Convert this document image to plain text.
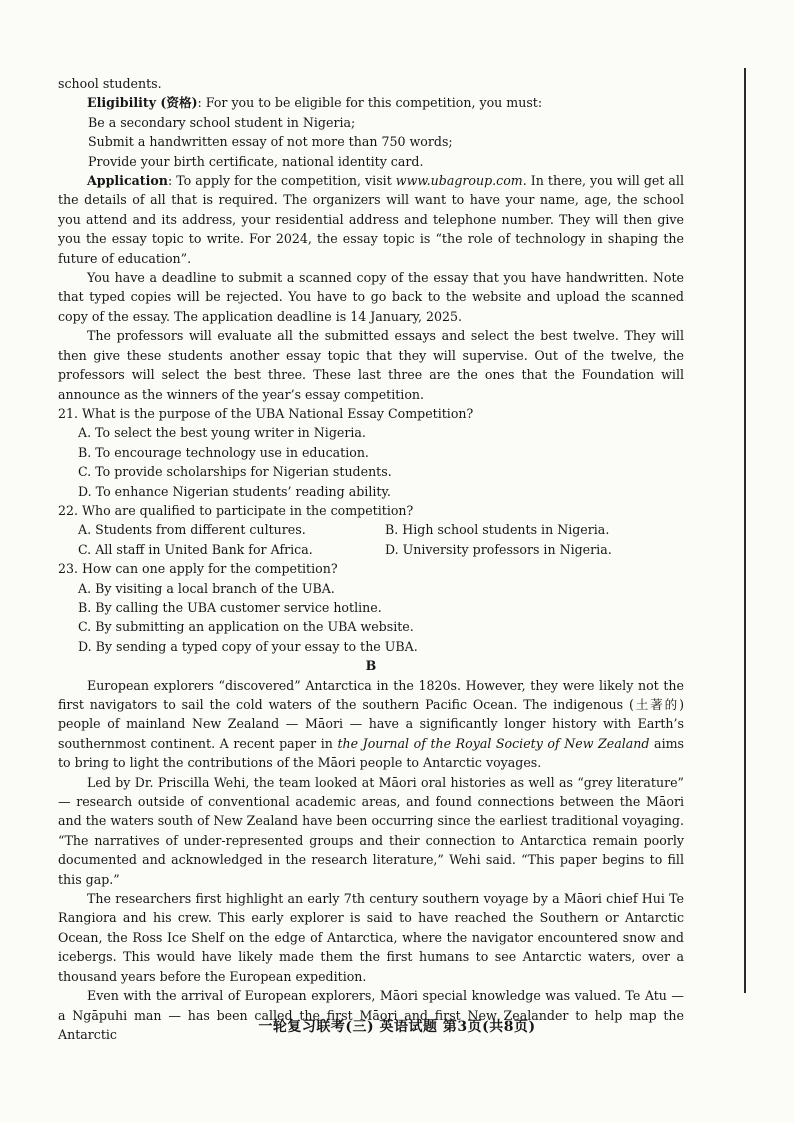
school students.

Eligibility (资格): For you to be eligible for this competition, you must:

Be a secondary school student in Nigeria;

Submit a handwritten essay of not more than 750 words;

Provide your birth certificate, national identity card.

Application: To apply for the competition, visit www.ubagroup.com. In there, you will get all the details of all that is required. The organizers will want to have your name, age, the school you attend and its address, your residential address and telephone number. They will then give you the essay topic to write. For 2024, the essay topic is “the role of technology in shaping the future of education”.

You have a deadline to submit a scanned copy of the essay that you have handwritten. Note that typed copies will be rejected. You have to go back to the website and upload the scanned copy of the essay. The application deadline is 14 January, 2025.

The professors will evaluate all the submitted essays and select the best twelve. They will then give these students another essay topic that they will supervise. Out of the twelve, the professors will select the best three. These last three are the ones that the Foundation will announce as the winners of the year’s essay competition.

21. What is the purpose of the UBA National Essay Competition?

A. To select the best young writer in Nigeria.

B. To encourage technology use in education.

C. To provide scholarships for Nigerian students.

D. To enhance Nigerian students’ reading ability.

22. Who are qualified to participate in the competition?

A. Students from different cultures.	B. High school students in Nigeria.
C. All staff in United Bank for Africa.	D. University professors in Nigeria.

23. How can one apply for the competition?

A. By visiting a local branch of the UBA.

B. By calling the UBA customer service hotline.

C. By submitting an application on the UBA website.

D. By sending a typed copy of your essay to the UBA.

B

European explorers “discovered” Antarctica in the 1820s. However, they were likely not the first navigators to sail the cold waters of the southern Pacific Ocean. The indigenous (土著的) people of mainland New Zealand — Māori — have a significantly longer history with Earth’s southernmost continent. A recent paper in the Journal of the Royal Society of New Zealand aims to bring to light the contributions of the Māori people to Antarctic voyages.

Led by Dr. Priscilla Wehi, the team looked at Māori oral histories as well as “grey literature” — research outside of conventional academic areas, and found connections between the Māori and the waters south of New Zealand have been occurring since the earliest traditional voyaging. “The narratives of under-represented groups and their connection to Antarctica remain poorly documented and acknowledged in the research literature,” Wehi said. “This paper begins to fill this gap.”

The researchers first highlight an early 7th century southern voyage by a Māori chief Hui Te Rangiora and his crew. This early explorer is said to have reached the Southern or Antarctic Ocean, the Ross Ice Shelf on the edge of Antarctica, where the navigator encountered snow and icebergs. This would have likely made them the first humans to see Antarctic waters, over a thousand years before the European expedition.

Even with the arrival of European explorers, Māori special knowledge was valued. Te Atu — a Ngāpuhi man — has been called the first Māori and first New Zealander to help map the Antarctic	一轮复习联考(三) 英语试题 第3页(共8页)
